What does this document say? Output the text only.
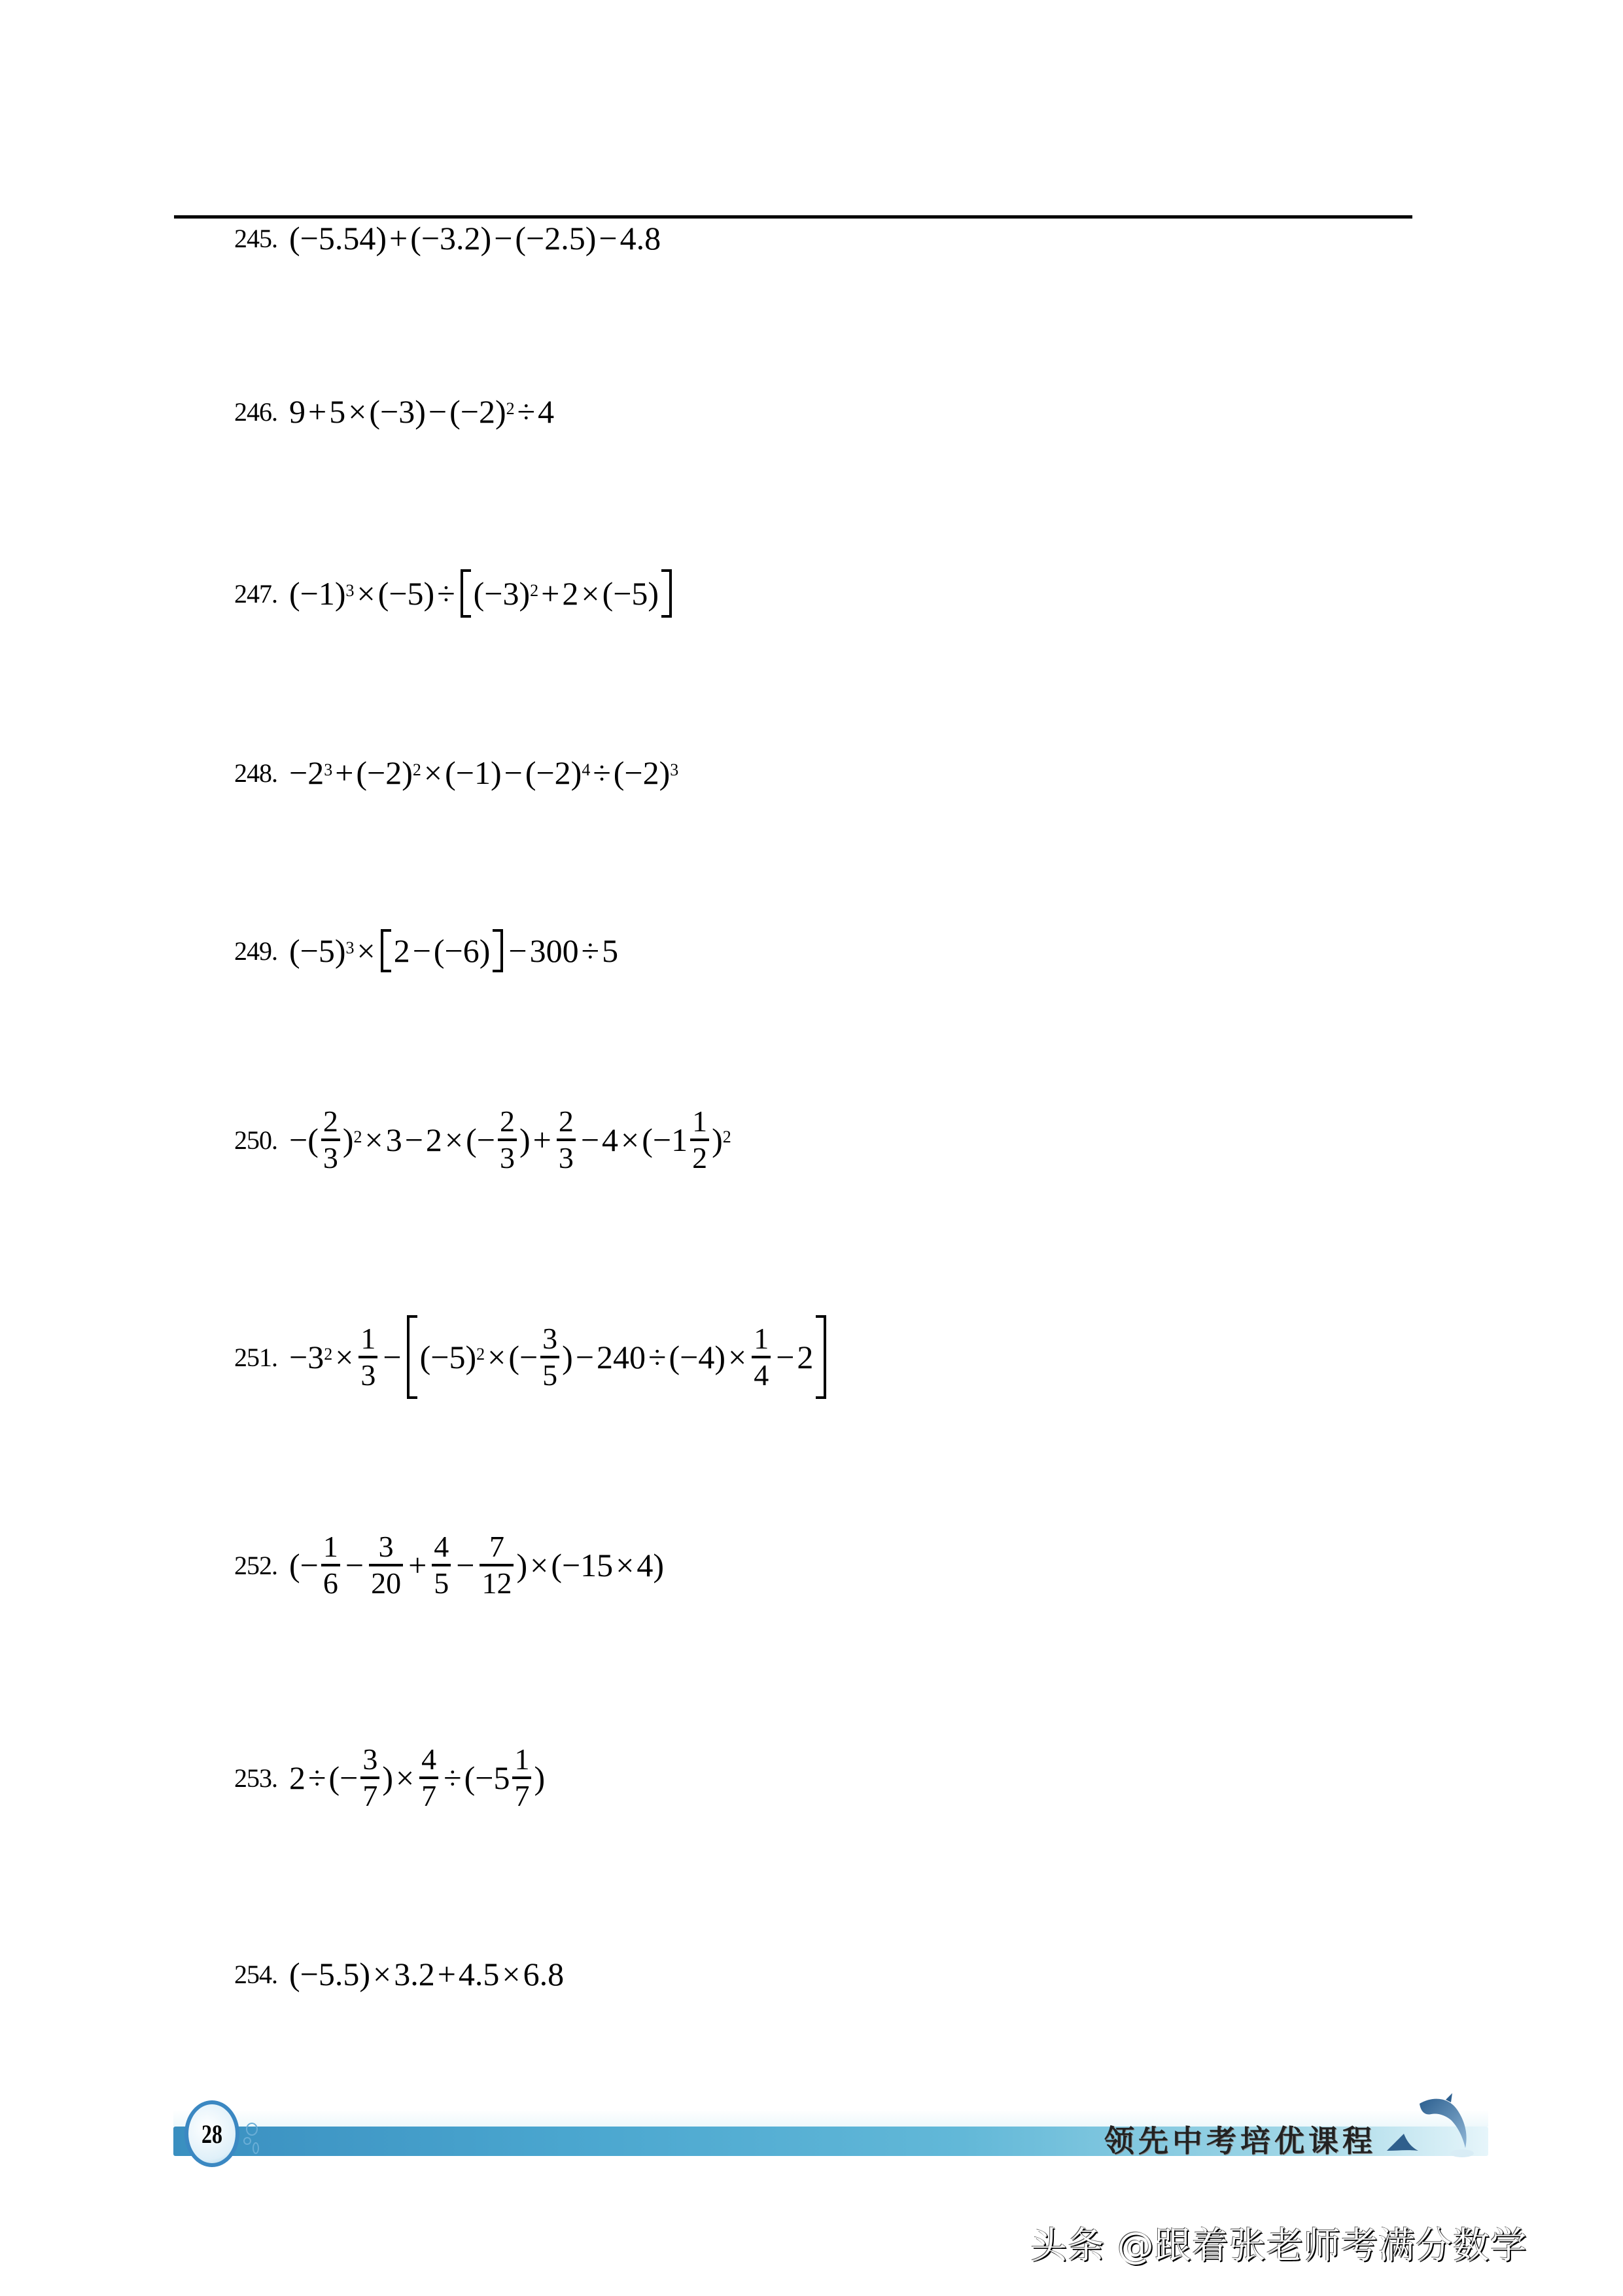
245. (−5.54) + (−3.2) − (−2.5) − 4.8
246. $9 + 5 \times (-3) - (-2)^2 \div 4$
247. $(-1)^3 \times (-5) \div (-3)^2 + 2 \times (-5)$
248. $-2^3 + (-2)^2 \times (-1) - (-2)^4 \div (-2)^3$
249. $(-5)^3 \times 2 - (-6) - 300 \div 5$
250. −( $\frac{2}{3} )^2 \times 3 - 2$ × (− $\frac{2}{3}$ ) + $\frac{2}{3} - 4 \times (-1 \frac{1}{2} )^2$
251. $-3^2 \times \frac{1}{3} - (-5)^2$ × (− $\frac{3}{5}$ ) − $240 \div (-4) \times \frac{1}{4} - 2$
252. (− $\frac{1}{6} - \frac{3}{20} + \frac{4}{5} - \frac{7}{12}$ ) × (−15 × 4)
253. 2 ÷ (− $\frac{3}{7}$ ) × $\frac{4}{7} \div (-5 \frac{1}{7}$ )
254. (−5.5) × 3.2 + 4.5 × 6.8
28	领先中考培优课程
头条 @跟着张老师考满分数学
